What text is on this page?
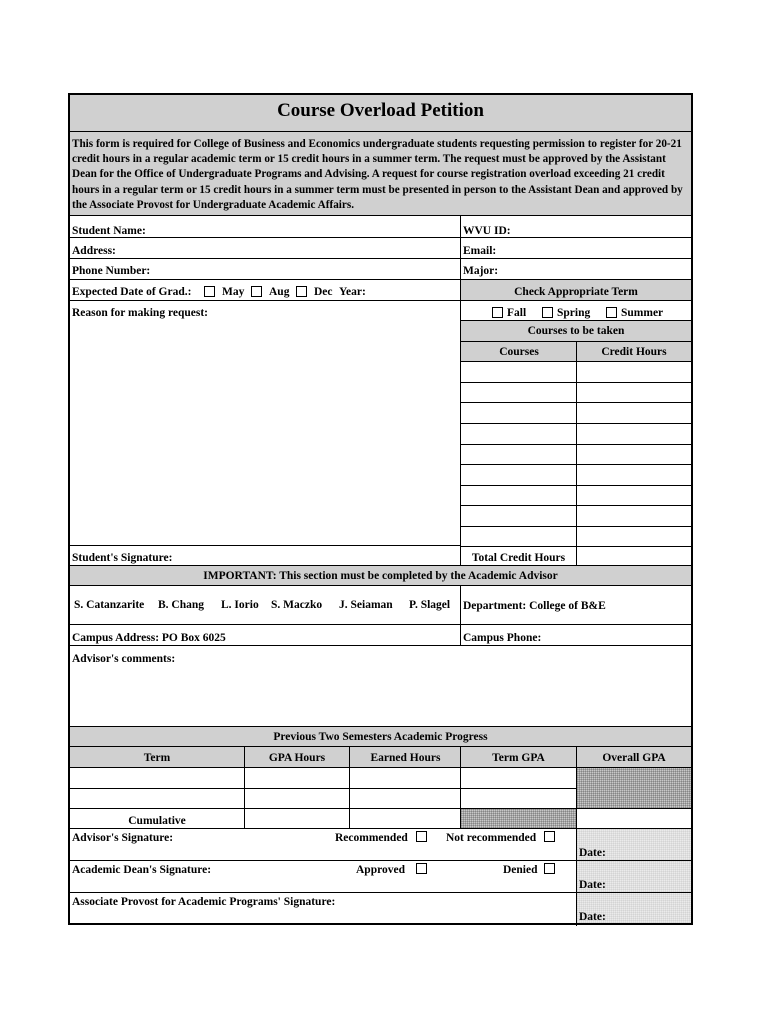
Course Overload Petition
This form is required for College of Business and Economics undergraduate students requesting permission to register for 20-21 credit hours in a regular academic term or 15 credit hours in a summer term. The request must be approved by the Assistant Dean for the Office of Undergraduate Programs and Advising. A request for course registration overload exceeding 21 credit hours in a regular term or 15 credit hours in a summer term must be presented in person to the Assistant Dean and approved by the Associate Provost for Undergraduate Academic Affairs.
Student Name:	WVU ID:
Address:	Email:
Phone Number:	Major:
Expected Date of Grad.:	May Aug Dec Year:	Check Appropriate Term
Reason for making request:	Fall	Spring	Summer
Courses to be taken
Courses	Credit Hours
Student's Signature:	Total Credit Hours
IMPORTANT: This section must be completed by the Academic Advisor
S. Catanzarite B. Chang L. Iorio S. Maczko J. Seiaman P. Slagel Department: College of B&E
Campus Address: PO Box 6025	Campus Phone:
Advisor's comments:
Previous Two Semesters Academic Progress
Term	GPA Hours	Earned Hours	Term GPA	Overall GPA
Cumulative
Advisor's Signature:	Recommended	Not recommended
Date:
Academic Dean's Signature:	Approved	Denied
Date:
Associate Provost for Academic Programs' Signature:
Date:
